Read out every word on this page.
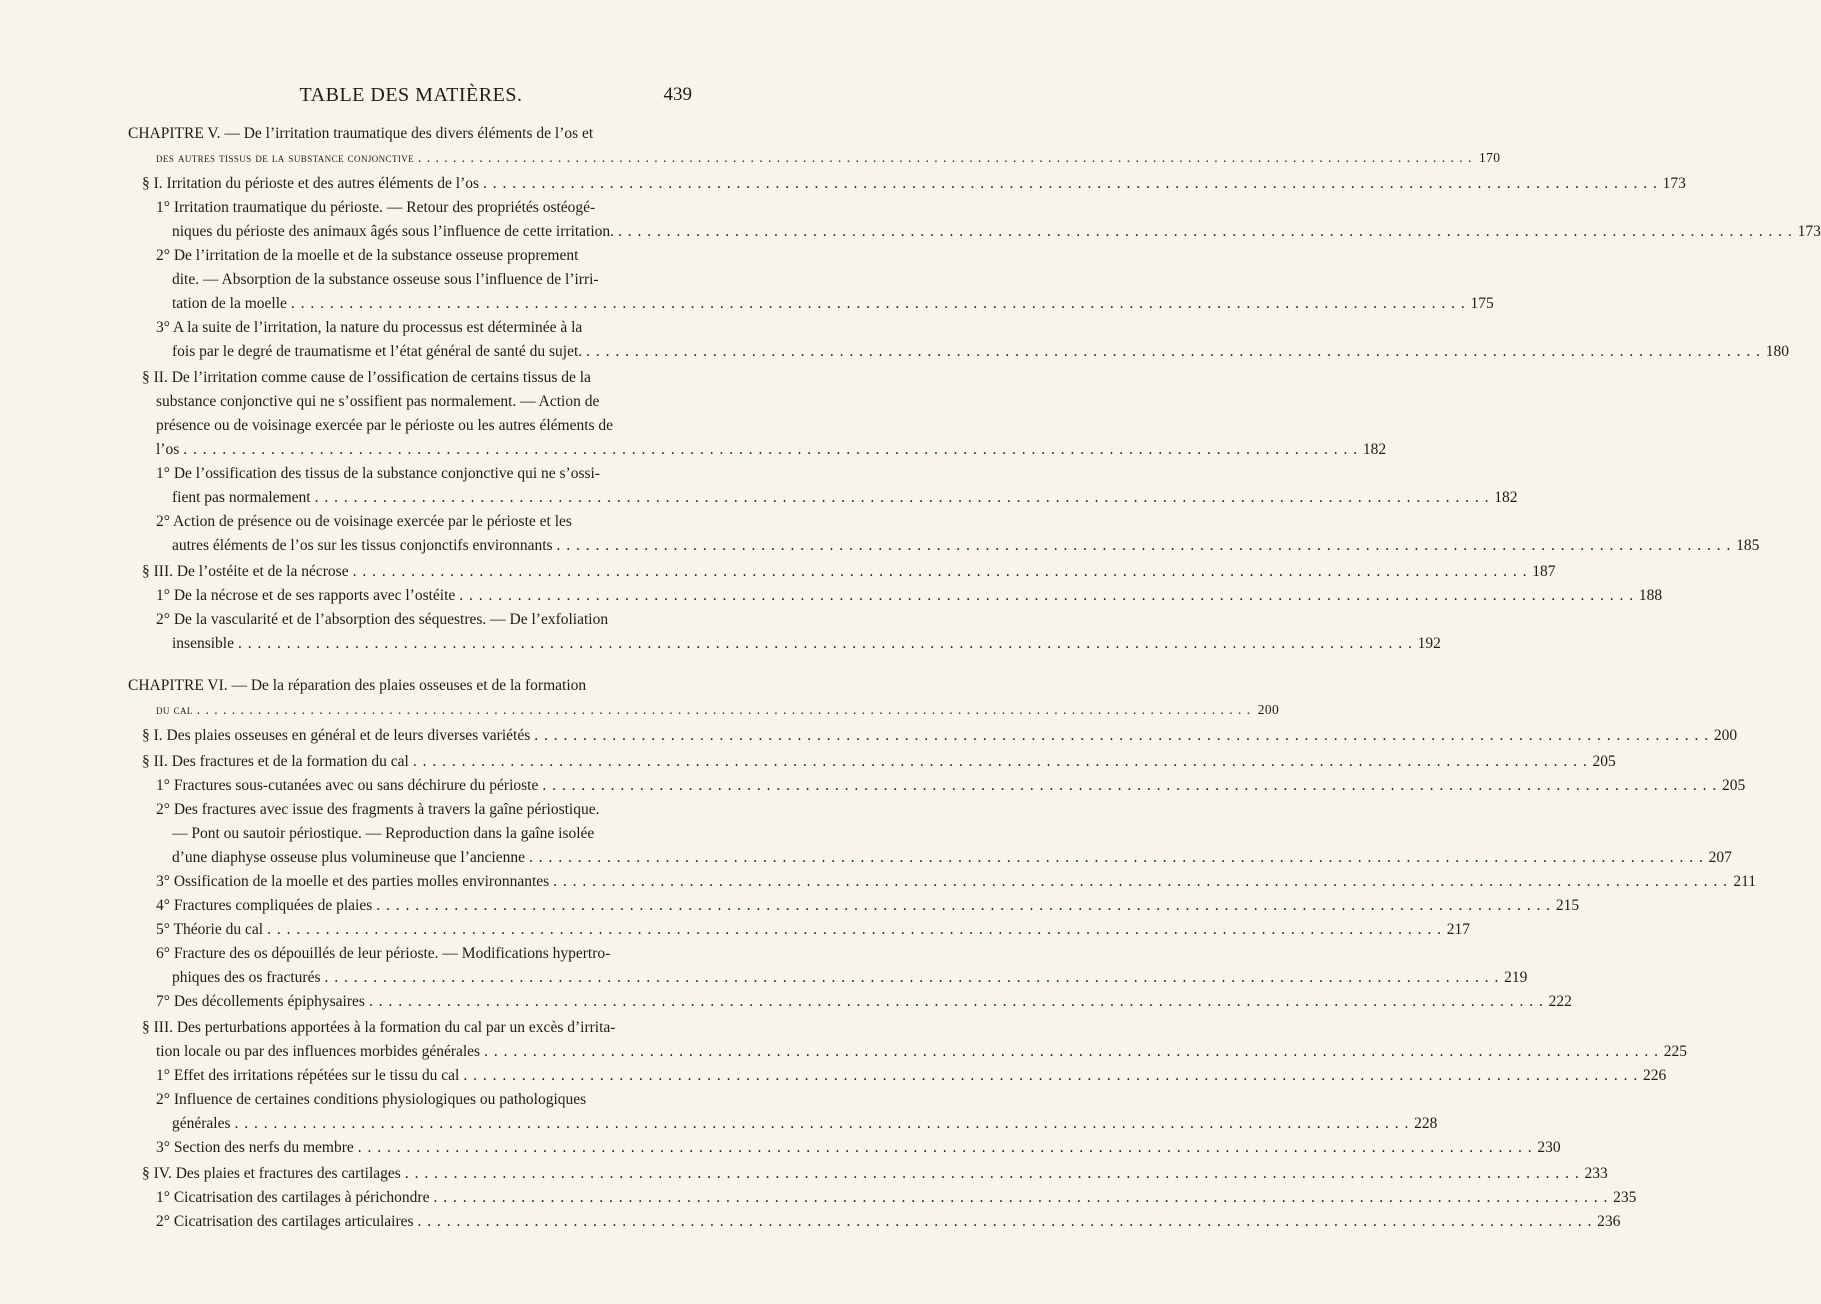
TABLE DES MATIÈRES.	439
CHAPITRE V. — De l’irritation traumatique des divers éléments de l’os et
des autres tissus de la substance conjonctive . . .	170
§ I. Irritation du périoste et des autres éléments de l’os . . .	173
1° Irritation traumatique du périoste. — Retour des propriétés ostéogé-
niques du périoste des animaux âgés sous l’influence de cette irritation. . . .	173
2° De l’irritation de la moelle et de la substance osseuse proprement
dite. — Absorption de la substance osseuse sous l’influence de l’irri-
tation de la moelle . . .	175
3° A la suite de l’irritation, la nature du processus est déterminée à la
fois par le degré de traumatisme et l’état général de santé du sujet. . . .	180
§ II. De l’irritation comme cause de l’ossification de certains tissus de la
substance conjonctive qui ne s’ossifient pas normalement. — Action de
présence ou de voisinage exercée par le périoste ou les autres éléments de
l’os . . .	182
1° De l’ossification des tissus de la substance conjonctive qui ne s’ossi-
fient pas normalement . . .	182
2° Action de présence ou de voisinage exercée par le périoste et les
autres éléments de l’os sur les tissus conjonctifs environnants . . .	185
§ III. De l’ostéite et de la nécrose . . .	187
1° De la nécrose et de ses rapports avec l’ostéite . . .	188
2° De la vascularité et de l’absorption des séquestres. — De l’exfoliation
insensible . . .	192
CHAPITRE VI. — De la réparation des plaies osseuses et de la formation
du cal . . .	200
§ I. Des plaies osseuses en général et de leurs diverses variétés . . .	200
§ II. Des fractures et de la formation du cal . . .	205
1° Fractures sous-cutanées avec ou sans déchirure du périoste . . .	205
2° Des fractures avec issue des fragments à travers la gaîne périostique.
— Pont ou sautoir périostique. — Reproduction dans la gaîne isolée
d’une diaphyse osseuse plus volumineuse que l’ancienne . . .	207
3° Ossification de la moelle et des parties molles environnantes . . .	211
4° Fractures compliquées de plaies . . .	215
5° Théorie du cal . . .	217
6° Fracture des os dépouillés de leur périoste. — Modifications hypertro-
phiques des os fracturés . . .	219
7° Des décollements épiphysaires . . .	222
§ III. Des perturbations apportées à la formation du cal par un excès d’irrita-
tion locale ou par des influences morbides générales . . .	225
1° Effet des irritations répétées sur le tissu du cal . . .	226
2° Influence de certaines conditions physiologiques ou pathologiques
générales . . .	228
3° Section des nerfs du membre . . .	230
§ IV. Des plaies et fractures des cartilages . . .	233
1° Cicatrisation des cartilages à périchondre . . .	235
2° Cicatrisation des cartilages articulaires . . .	236
